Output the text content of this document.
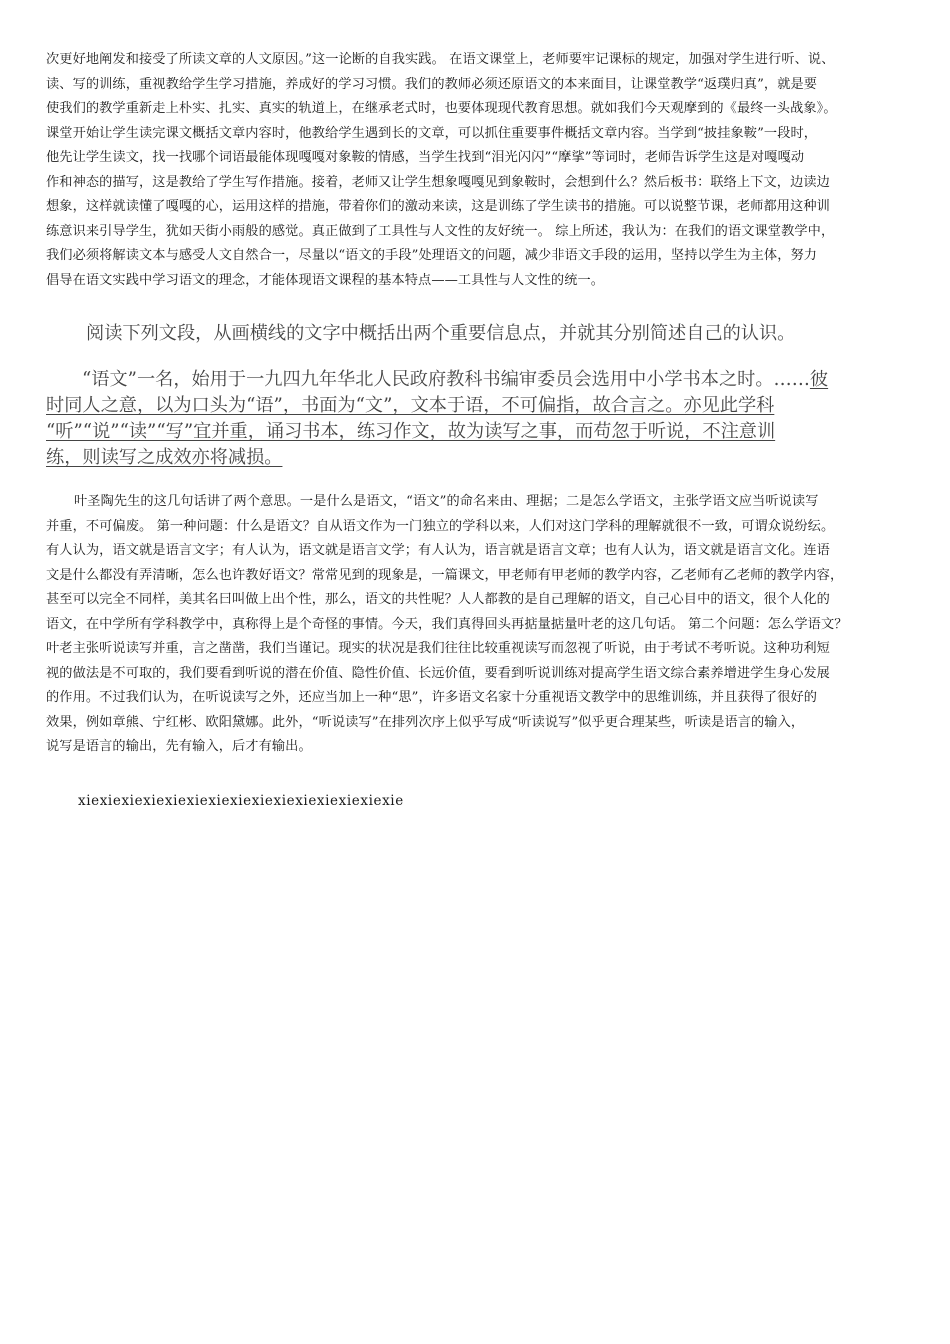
次更好地阐发和接受了所读文章的人文原因。”这一论断的自我实践。 在语文课堂上，老师要牢记课标的规定，加强对学生进行听、说、
读、写的训练，重视教给学生学习措施，养成好的学习习惯。我们的教师必须还原语文的本来面目，让课堂教学“返璞归真”，就是要
使我们的教学重新走上朴实、扎实、真实的轨道上，在继承老式时，也要体现现代教育思想。就如我们今天观摩到的《最终一头战象》。
课堂开始让学生读完课文概括文章内容时，他教给学生遇到长的文章，可以抓住重要事件概括文章内容。当学到“披挂象鞍”一段时，
他先让学生读文，找一找哪个词语最能体现嘎嘎对象鞍的情感，当学生找到“泪光闪闪”“摩挲”等词时，老师告诉学生这是对嘎嘎动
作和神态的描写，这是教给了学生写作措施。接着，老师又让学生想象嘎嘎见到象鞍时，会想到什么？然后板书：联络上下文，边读边
想象，这样就读懂了嘎嘎的心，运用这样的措施，带着你们的激动来读，这是训练了学生读书的措施。可以说整节课，老师都用这种训
练意识来引导学生，犹如天街小雨般的感觉。真正做到了工具性与人文性的友好统一。 综上所述，我认为：在我们的语文课堂教学中，
我们必须将解读文本与感受人文自然合一，尽量以“语文的手段”处理语文的问题，减少非语文手段的运用，坚持以学生为主体，努力
倡导在语文实践中学习语文的理念，才能体现语文课程的基本特点——工具性与人文性的统一。
阅读下列文段，从画横线的文字中概括出两个重要信息点，并就其分别简述自己的认识。
“语文”一名，始用于一九四九年华北人民政府教科书编审委员会选用中小学书本之时。……彼
时同人之意，以为口头为“语”，书面为“文”，文本于语，不可偏指，故合言之。亦见此学科
“听”“说”“读”“写”宜并重，诵习书本，练习作文，故为读写之事，而苟忽于听说，不注意训
练，则读写之成效亦将减损。
叶圣陶先生的这几句话讲了两个意思。一是什么是语文，“语文”的命名来由、理据；二是怎么学语文，主张学语文应当听说读写
并重，不可偏废。 第一种问题：什么是语文？自从语文作为一门独立的学科以来，人们对这门学科的理解就很不一致，可谓众说纷纭。
有人认为，语文就是语言文字；有人认为，语文就是语言文学；有人认为，语言就是语言文章；也有人认为，语文就是语言文化。连语
文是什么都没有弄清晰，怎么也许教好语文？常常见到的现象是，一篇课文，甲老师有甲老师的教学内容，乙老师有乙老师的教学内容，
甚至可以完全不同样，美其名曰叫做上出个性，那么，语文的共性呢？人人都教的是自己理解的语文，自己心目中的语文，很个人化的
语文，在中学所有学科教学中，真称得上是个奇怪的事情。今天，我们真得回头再掂量掂量叶老的这几句话。 第二个问题：怎么学语文？
叶老主张听说读写并重，言之凿凿，我们当谨记。现实的状况是我们往往比较重视读写而忽视了听说，由于考试不考听说。这种功利短
视的做法是不可取的，我们要看到听说的潜在价值、隐性价值、长远价值，要看到听说训练对提高学生语文综合素养增进学生身心发展
的作用。不过我们认为，在听说读写之外，还应当加上一种“思”，许多语文名家十分重视语文教学中的思维训练，并且获得了很好的
效果，例如章熊、宁红彬、欧阳黛娜。此外，“听说读写”在排列次序上似乎写成“听读说写”似乎更合理某些，听读是语言的输入，
说写是语言的输出，先有输入，后才有输出。
xiexiexiexiexiexiexiexiexiexiexiexiexiexiexie
